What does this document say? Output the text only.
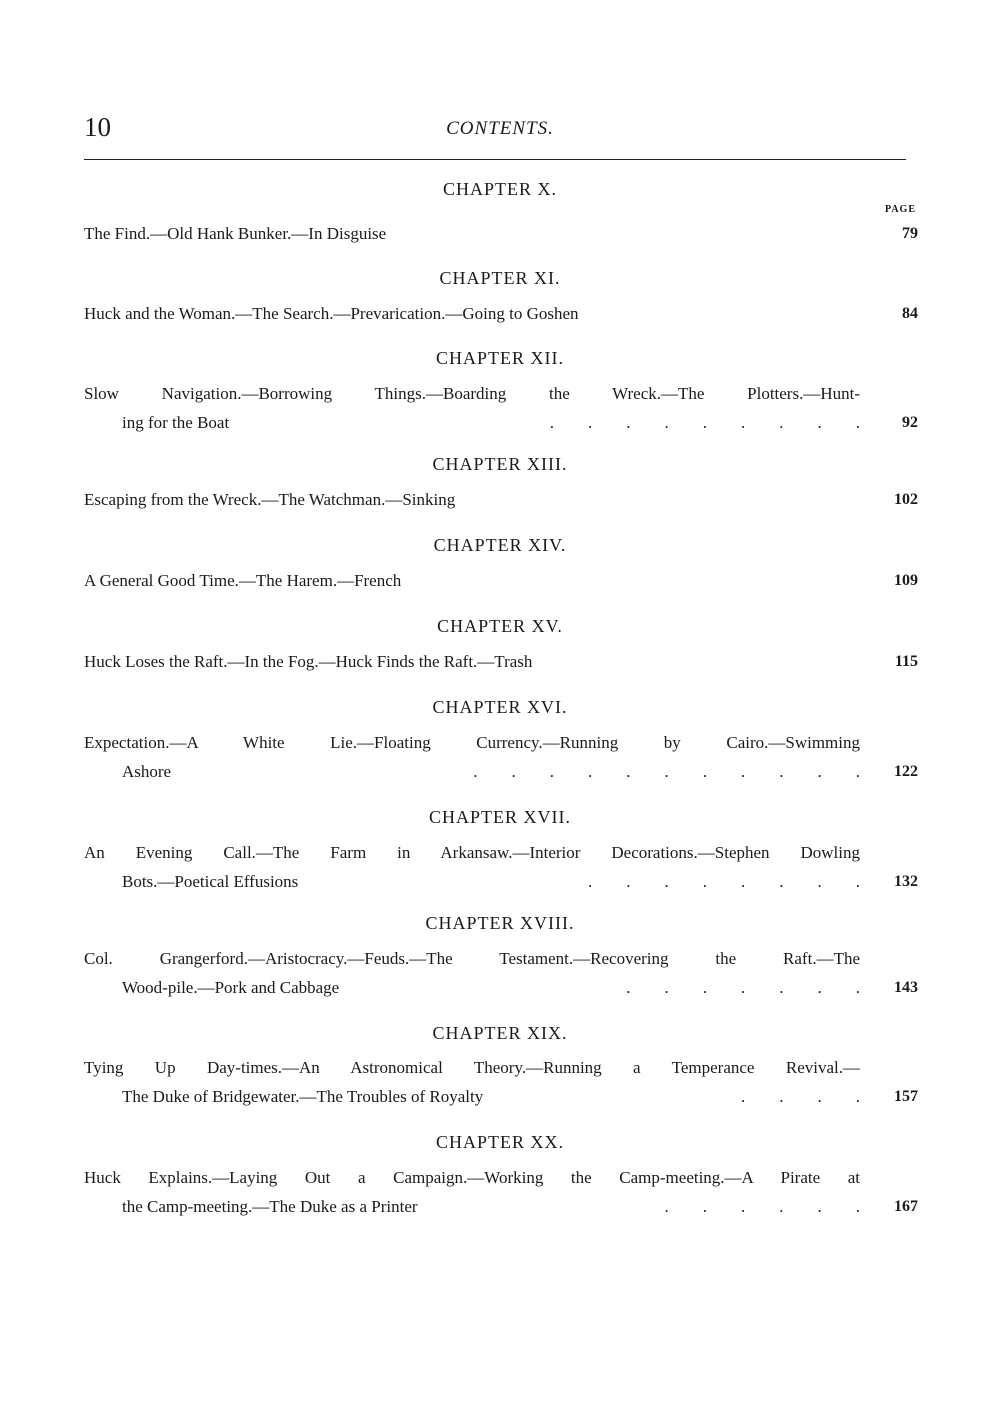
10	CONTENTS.
PAGE
CHAPTER X.
The Find.—Old Hank Bunker.—In Disguise	79
CHAPTER XI.
Huck and the Woman.—The Search.—Prevarication.—Going to Goshen	84
CHAPTER XII.
Slow Navigation.—Borrowing Things.—Boarding the Wreck.—The Plotters.—Hunt-
ing for the Boat	.        .        .        .        .        .        .        .        .	92
CHAPTER XIII.
Escaping from the Wreck.—The Watchman.—Sinking	102
CHAPTER XIV.
A General Good Time.—The Harem.—French	109
CHAPTER XV.
Huck Loses the Raft.—In the Fog.—Huck Finds the Raft.—Trash	115
CHAPTER XVI.
Expectation.—A White Lie.—Floating Currency.—Running by Cairo.—Swimming
Ashore	.        .        .        .        .        .        .        .        .        .        .	122
CHAPTER XVII.
An Evening Call.—The Farm in Arkansaw.—Interior Decorations.—Stephen Dowling
Bots.—Poetical Effusions	.        .        .        .        .        .        .        .	132
CHAPTER XVIII.
Col. Grangerford.—Aristocracy.—Feuds.—The Testament.—Recovering the Raft.—The
Wood-pile.—Pork and Cabbage	.        .        .        .        .        .        .	143
CHAPTER XIX.
Tying Up Day-times.—An Astronomical Theory.—Running a Temperance Revival.—
The Duke of Bridgewater.—The Troubles of Royalty	.        .        .        .	157
CHAPTER XX.
Huck Explains.—Laying Out a Campaign.—Working the Camp-meeting.—A Pirate at
the Camp-meeting.—The Duke as a Printer	.        .        .        .        .        .	167
